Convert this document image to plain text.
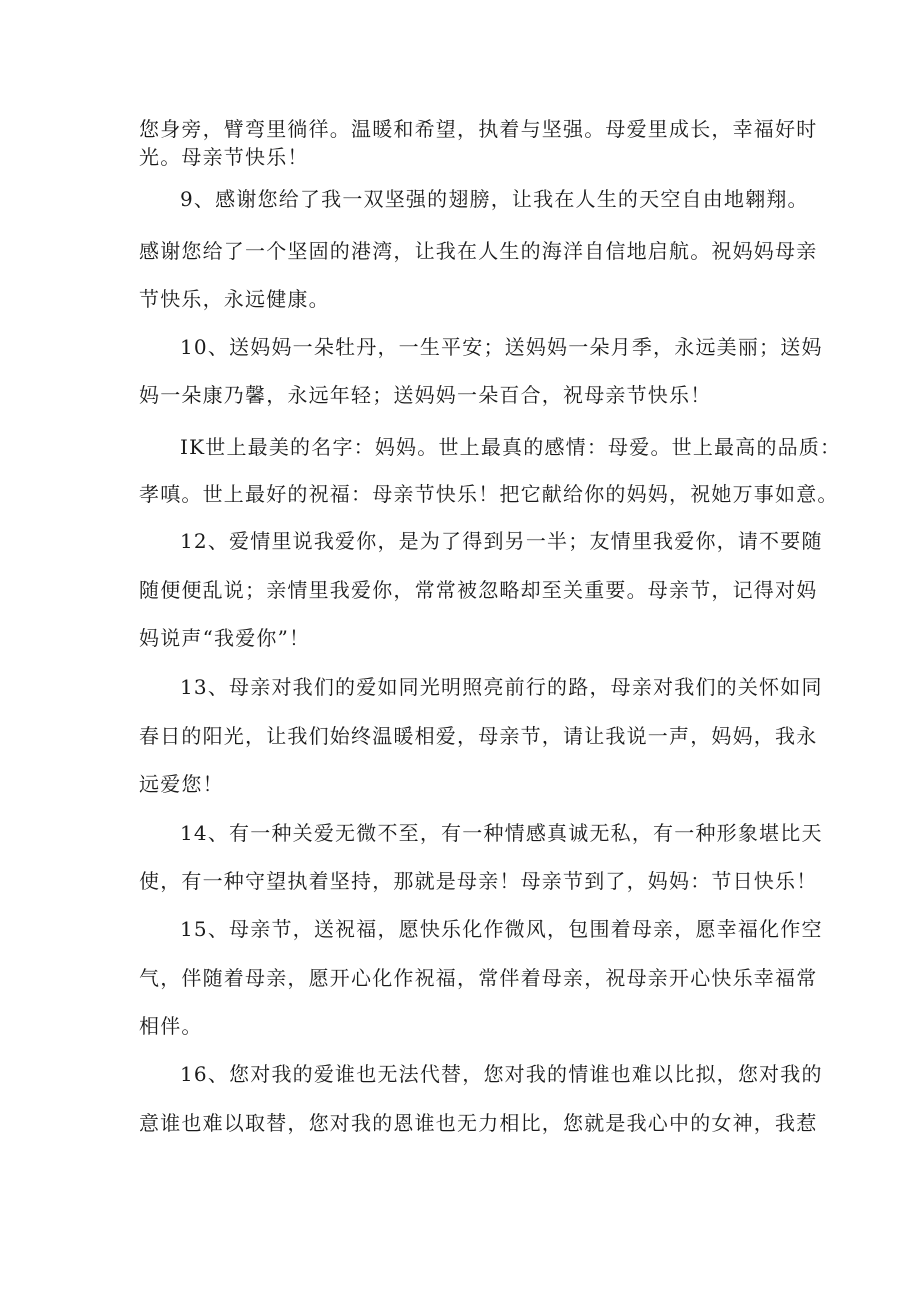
您身旁，臂弯里徜徉。温暖和希望，执着与坚强。母爱里成长，幸福好时
光。母亲节快乐！
9、感谢您给了我一双坚强的翅膀，让我在人生的天空自由地翱翔。
感谢您给了一个坚固的港湾，让我在人生的海洋自信地启航。祝妈妈母亲
节快乐，永远健康。
10、送妈妈一朵牡丹，一生平安；送妈妈一朵月季，永远美丽；送妈
妈一朵康乃馨，永远年轻；送妈妈一朵百合，祝母亲节快乐！
IK世上最美的名字：妈妈。世上最真的感情：母爱。世上最高的品质：
孝嗔。世上最好的祝福：母亲节快乐！把它献给你的妈妈，祝她万事如意。
12、爱情里说我爱你，是为了得到另一半；友情里我爱你，请不要随
随便便乱说；亲情里我爱你，常常被忽略却至关重要。母亲节，记得对妈
妈说声“我爱你”！
13、母亲对我们的爱如同光明照亮前行的路，母亲对我们的关怀如同
春日的阳光，让我们始终温暖相爱，母亲节，请让我说一声，妈妈，我永
远爱您！
14、有一种关爱无微不至，有一种情感真诚无私，有一种形象堪比天
使，有一种守望执着坚持，那就是母亲！母亲节到了，妈妈：节日快乐！
15、母亲节，送祝福，愿快乐化作微风，包围着母亲，愿幸福化作空
气，伴随着母亲，愿开心化作祝福，常伴着母亲，祝母亲开心快乐幸福常
相伴。
16、您对我的爱谁也无法代替，您对我的情谁也难以比拟，您对我的
意谁也难以取替，您对我的恩谁也无力相比，您就是我心中的女神，我惹
